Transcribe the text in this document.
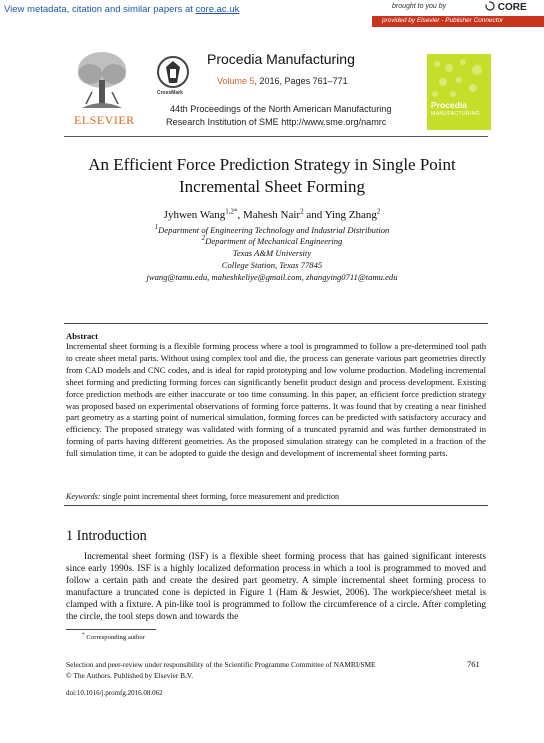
View metadata, citation and similar papers at core.ac.uk	brought to you by	CORE
provided by Elsevier - Publisher Connector
ELSEVIER
CrossMark
Procedia Manufacturing
Volume 5, 2016, Pages 761–771
44th Proceedings of the North American Manufacturing
Research Institution of SME http://www.sme.org/namrc
Procedia
MANUFACTURING
An Efficient Force Prediction Strategy in Single Point
Incremental Sheet Forming
Jyhwen Wang$^{1,2*}$, Mahesh Nair$^2$ and Ying Zhang$^2$
$^1$Department of Engineering Technology and Industrial Distribution
$^2$Department of Mechanical Engineering
Texas A&M University
College Station, Texas 77845
jwang@tamu.edu, maheshkeliye@gmail.com, zhangying0711@tamu.edu
Abstract
Incremental sheet forming is a flexible forming process where a tool is programmed to follow a pre-determined tool path to create sheet metal parts. Without using complex tool and die, the process can generate various part geometries directly from CAD models and CNC codes, and is ideal for rapid prototyping and low volume production. Modeling incremental sheet forming and predicting forming forces can significantly benefit product design and process development. Existing force prediction methods are either inaccurate or too time consuming. In this paper, an efficient force prediction strategy was proposed based on experimental observations of forming force patterns. It was found that by creating a near finished part geometry as a starting point of numerical simulation, forming forces can be predicted with satisfactory accuracy and efficiency. The proposed strategy was validated with forming of a truncated pyramid and was further demonstrated in forming of parts having different geometries. As the proposed simulation strategy can be completed in a fraction of the full simulation time, it can be adopted to guide the design and development of incremental sheet forming parts.
Keywords: single point incremental sheet forming, force measurement and prediction
1 Introduction
Incremental sheet forming (ISF) is a flexible sheet forming process that has gained significant interests since early 1990s. ISF is a highly localized deformation process in which a tool is programmed to moved and follow a certain path and create the desired part geometry. A simple incremental sheet forming process to manufacture a truncated cone is depicted in Figure 1 (Ham & Jeswiet, 2006). The workpiece/sheet metal is clamped with a fixture. A pin-like tool is programmed to follow the circumference of a circle. After completing the circle, the tool steps down and towards the
* Corresponding author
Selection and peer-review under responsibility of the Scientific Programme Committee of NAMRI/SME	761
© The Authors. Published by Elsevier B.V.
doi:10.1016/j.promfg.2016.08.062
